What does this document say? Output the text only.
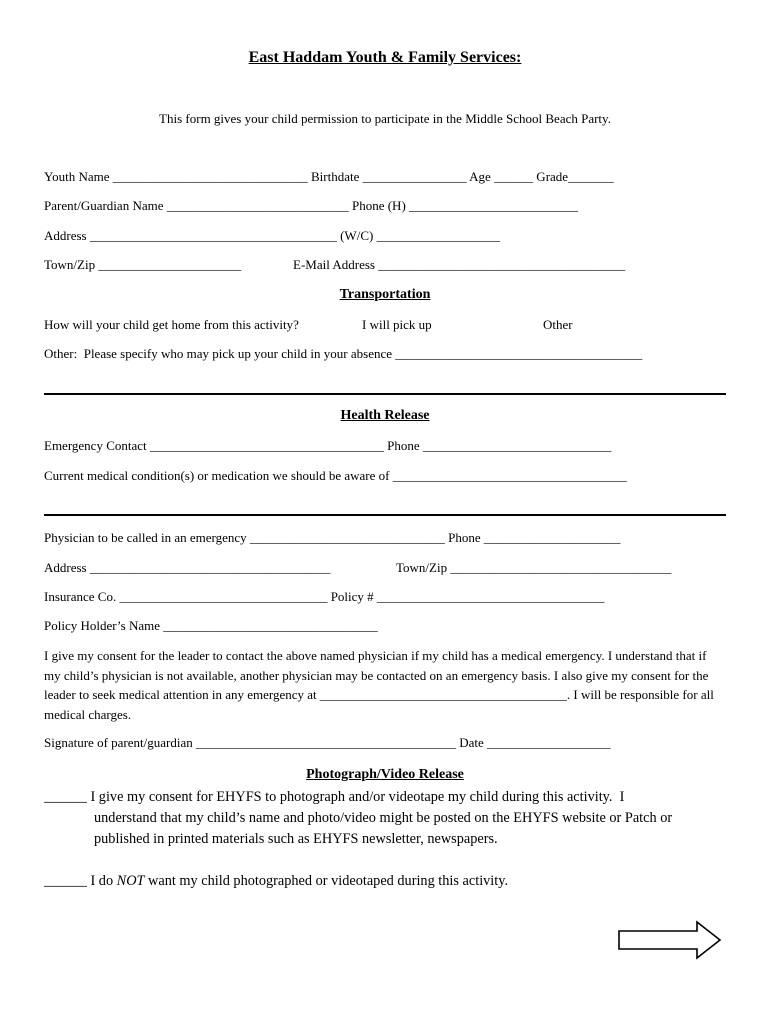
East Haddam Youth & Family Services:
This form gives your child permission to participate in the Middle School Beach Party.
Youth Name ______________________________ Birthdate ________________ Age ______ Grade_______
Parent/Guardian Name ____________________________ Phone (H) __________________________
Address ______________________________________ (W/C) ___________________
Town/Zip ______________________	E-Mail Address ______________________________________
Transportation
How will your child get home from this activity?	I will pick up	Other
Other:  Please specify who may pick up your child in your absence ______________________________________
Health Release
Emergency Contact ____________________________________ Phone _____________________________
Current medical condition(s) or medication we should be aware of ____________________________________
Physician to be called in an emergency ______________________________ Phone _____________________
Address _____________________________________	Town/Zip __________________________________
Insurance Co. ________________________________ Policy # ___________________________________
Policy Holder’s Name _________________________________
I give my consent for the leader to contact the above named physician if my child has a medical emergency. I understand that if my child’s physician is not available, another physician may be contacted on an emergency basis. I also give my consent for the leader to seek medical attention in any emergency at ______________________________________. I will be responsible for all medical charges.
Signature of parent/guardian ________________________________________ Date ___________________
Photograph/Video Release
______ I give my consent for EHYFS to photograph and/or videotape my child during this activity.  I
understand that my child’s name and photo/video might be posted on the EHYFS website or Patch or
published in printed materials such as EHYFS newsletter, newspapers.
______ I do NOT want my child photographed or videotaped during this activity.
